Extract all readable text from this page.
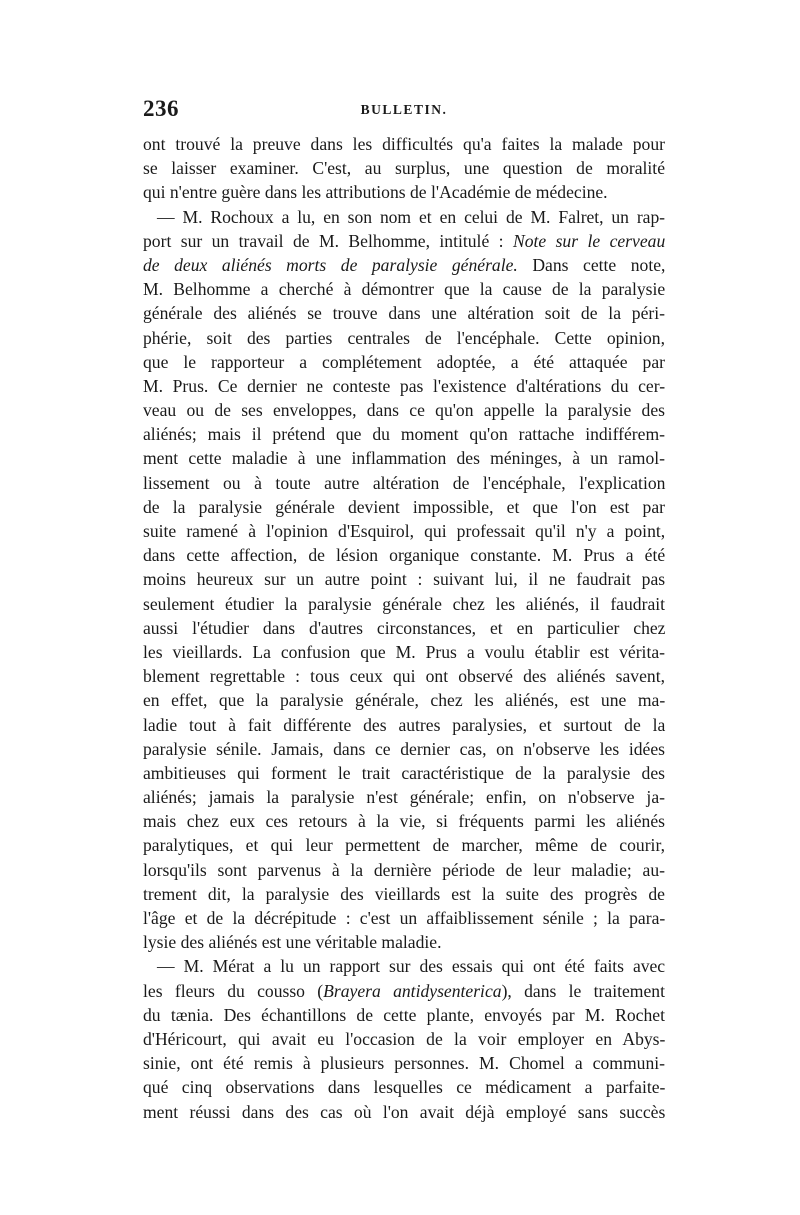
236	BULLETIN.
ont trouvé la preuve dans les difficultés qu'a faites la malade pour
se laisser examiner. C'est, au surplus, une question de moralité
qui n'entre guère dans les attributions de l'Académie de médecine.
— M. Rochoux a lu, en son nom et en celui de M. Falret, un rap-
port sur un travail de M. Belhomme, intitulé : Note sur le cerveau
de deux aliénés morts de paralysie générale. Dans cette note,
M. Belhomme a cherché à démontrer que la cause de la paralysie
générale des aliénés se trouve dans une altération soit de la péri-
phérie, soit des parties centrales de l'encéphale. Cette opinion,
que le rapporteur a complétement adoptée, a été attaquée par
M. Prus. Ce dernier ne conteste pas l'existence d'altérations du cer-
veau ou de ses enveloppes, dans ce qu'on appelle la paralysie des
aliénés; mais il prétend que du moment qu'on rattache indifférem-
ment cette maladie à une inflammation des méninges, à un ramol-
lissement ou à toute autre altération de l'encéphale, l'explication
de la paralysie générale devient impossible, et que l'on est par
suite ramené à l'opinion d'Esquirol, qui professait qu'il n'y a point,
dans cette affection, de lésion organique constante. M. Prus a été
moins heureux sur un autre point : suivant lui, il ne faudrait pas
seulement étudier la paralysie générale chez les aliénés, il faudrait
aussi l'étudier dans d'autres circonstances, et en particulier chez
les vieillards. La confusion que M. Prus a voulu établir est vérita-
blement regrettable : tous ceux qui ont observé des aliénés savent,
en effet, que la paralysie générale, chez les aliénés, est une ma-
ladie tout à fait différente des autres paralysies, et surtout de la
paralysie sénile. Jamais, dans ce dernier cas, on n'observe les idées
ambitieuses qui forment le trait caractéristique de la paralysie des
aliénés; jamais la paralysie n'est générale; enfin, on n'observe ja-
mais chez eux ces retours à la vie, si fréquents parmi les aliénés
paralytiques, et qui leur permettent de marcher, même de courir,
lorsqu'ils sont parvenus à la dernière période de leur maladie; au-
trement dit, la paralysie des vieillards est la suite des progrès de
l'âge et de la décrépitude : c'est un affaiblissement sénile ; la para-
lysie des aliénés est une véritable maladie.
— M. Mérat a lu un rapport sur des essais qui ont été faits avec
les fleurs du cousso (Brayera antidysenterica), dans le traitement
du tænia. Des échantillons de cette plante, envoyés par M. Rochet
d'Héricourt, qui avait eu l'occasion de la voir employer en Abys-
sinie, ont été remis à plusieurs personnes. M. Chomel a communi-
qué cinq observations dans lesquelles ce médicament a parfaite-
ment réussi dans des cas où l'on avait déjà employé sans succès
